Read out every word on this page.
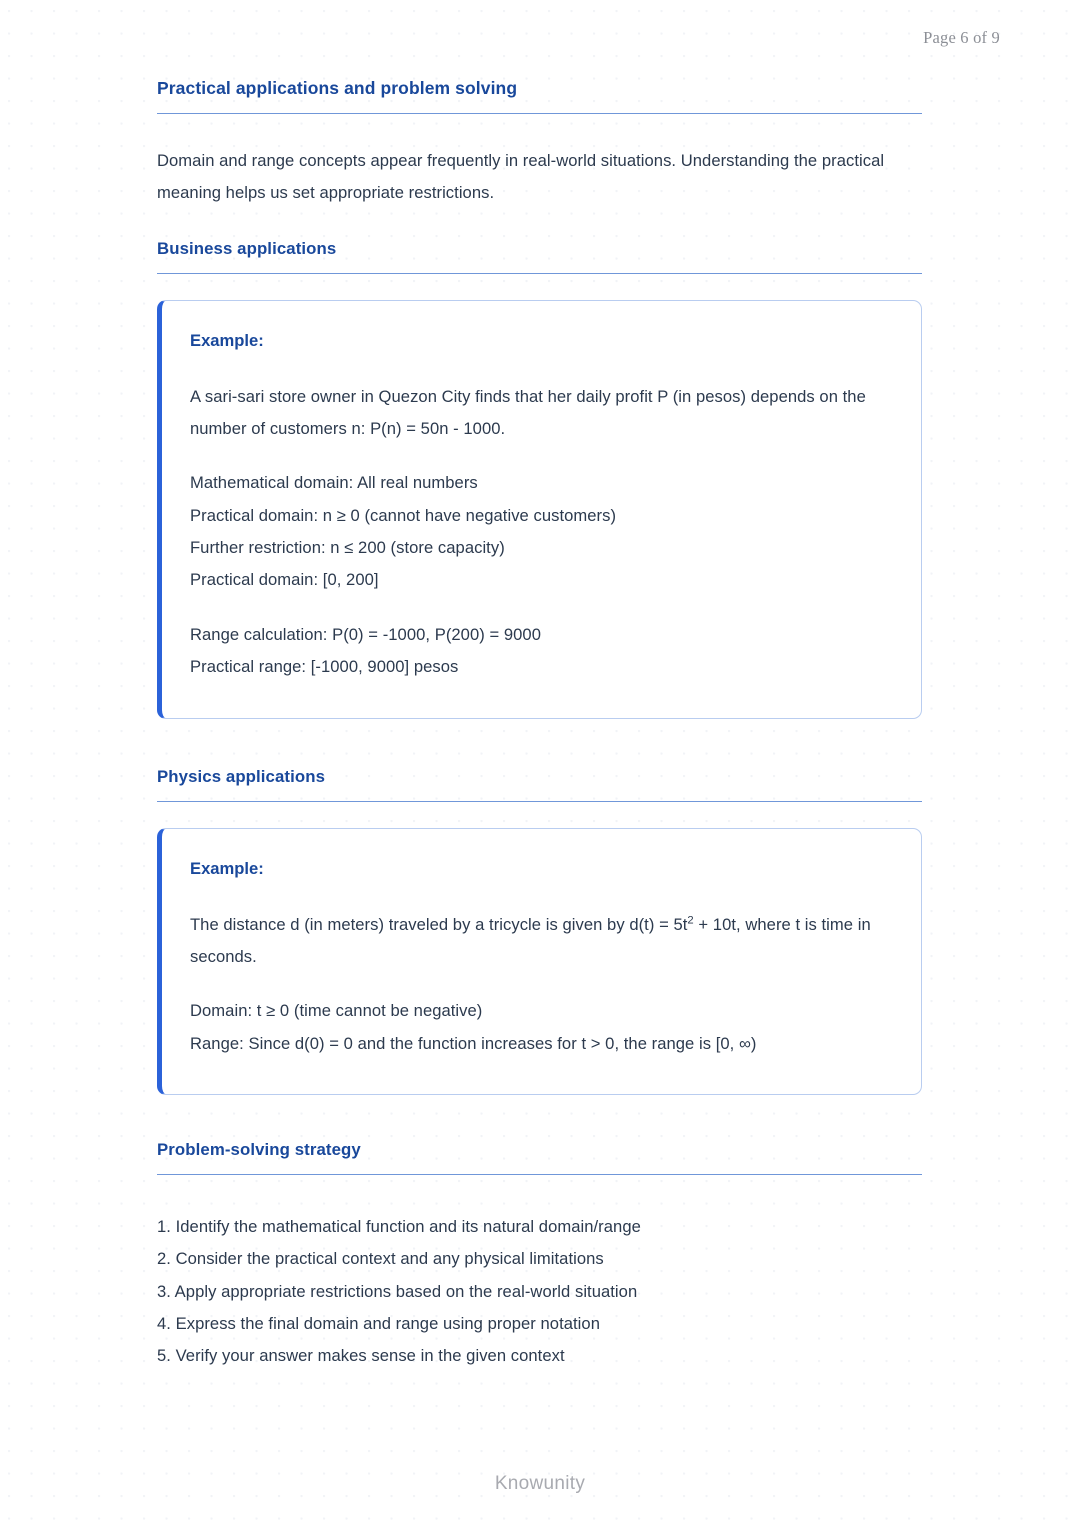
Page 6 of 9
Practical applications and problem solving

Domain and range concepts appear frequently in real-world situations. Understanding the practical meaning helps us set appropriate restrictions.

Business applications
Example:

A sari-sari store owner in Quezon City finds that her daily profit P (in pesos) depends on the number of customers n: P(n) = 50n - 1000.

Mathematical domain: All real numbers
Practical domain: n ≥ 0 (cannot have negative customers)
Further restriction: n ≤ 200 (store capacity)
Practical domain: [0, 200]
Range calculation: P(0) = -1000, P(200) = 9000
Practical range: [-1000, 9000] pesos
Physics applications
Example:

The distance d (in meters) traveled by a tricycle is given by $d(t) = 5t^2 + 10t$, where t is time in seconds.

Domain: t ≥ 0 (time cannot be negative)
Range: Since d(0) = 0 and the function increases for t > 0, the range is [0, ∞)
Problem-solving strategy
1. Identify the mathematical function and its natural domain/range
2. Consider the practical context and any physical limitations
3. Apply appropriate restrictions based on the real-world situation
4. Express the final domain and range using proper notation
5. Verify your answer makes sense in the given context
Knowunity
